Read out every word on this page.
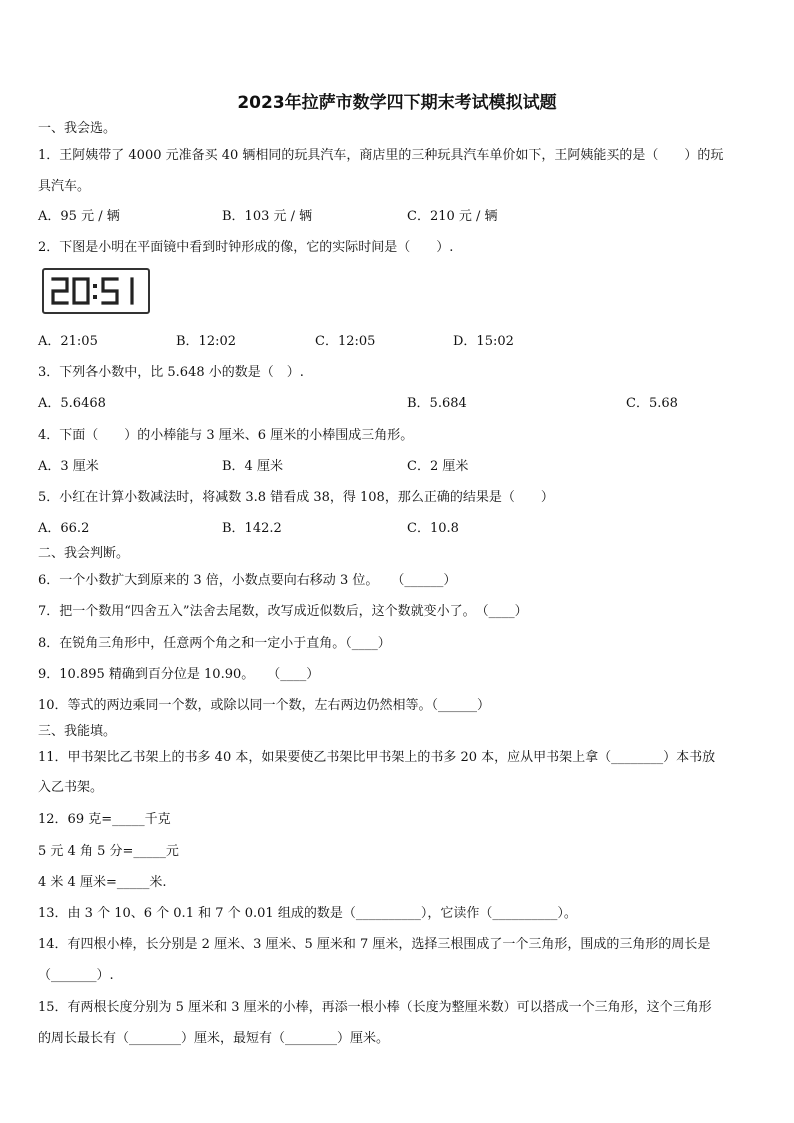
2023年拉萨市数学四下期末考试模拟试题
一、我会选。
1．王阿姨带了 4000 元准备买 40 辆相同的玩具汽车，商店里的三种玩具汽车单价如下，王阿姨能买的是（　　）的玩
具汽车。
A．95 元 / 辆	B．103 元 / 辆	C．210 元 / 辆
2．下图是小明在平面镜中看到时钟形成的像，它的实际时间是（　　）.
A．21:05	B．12:02	C．12:05	D．15:02
3．下列各小数中，比 5.648 小的数是（　）.
A．5.6468	B．5.684	C．5.68
4．下面（　　）的小棒能与 3 厘米、6 厘米的小棒围成三角形。
A．3 厘米	B．4 厘米	C．2 厘米
5．小红在计算小数减法时，将减数 3.8 错看成 38，得 108，那么正确的结果是（　　）
A．66.2	B．142.2	C．10.8
二、我会判断。
6．一个小数扩大到原来的 3 倍，小数点要向右移动 3 位。　　（______）
7．把一个数用“四舍五入”法舍去尾数，改写成近似数后，这个数就变小了。　（____）
8．在锐角三角形中，任意两个角之和一定小于直角。（____）
9．10.895 精确到百分位是 10.90。　　（____）
10．等式的两边乘同一个数，或除以同一个数，左右两边仍然相等。（______）
三、我能填。
11．甲书架比乙书架上的书多 40 本，如果要使乙书架比甲书架上的书多 20 本，应从甲书架上拿（________）本书放
入乙书架。
12．69 克=_____千克
5 元 4 角 5 分=_____元
4 米 4 厘米=_____米.
13．由 3 个 10、6 个 0.1 和 7 个 0.01 组成的数是（__________），它读作（__________）。
14．有四根小棒，长分别是 2 厘米、3 厘米、5 厘米和 7 厘米，选择三根围成了一个三角形，围成的三角形的周长是
（_______）.
15．有两根长度分别为 5 厘米和 3 厘米的小棒，再添一根小棒（长度为整厘米数）可以搭成一个三角形，这个三角形
的周长最长有（________）厘米，最短有（________）厘米。
